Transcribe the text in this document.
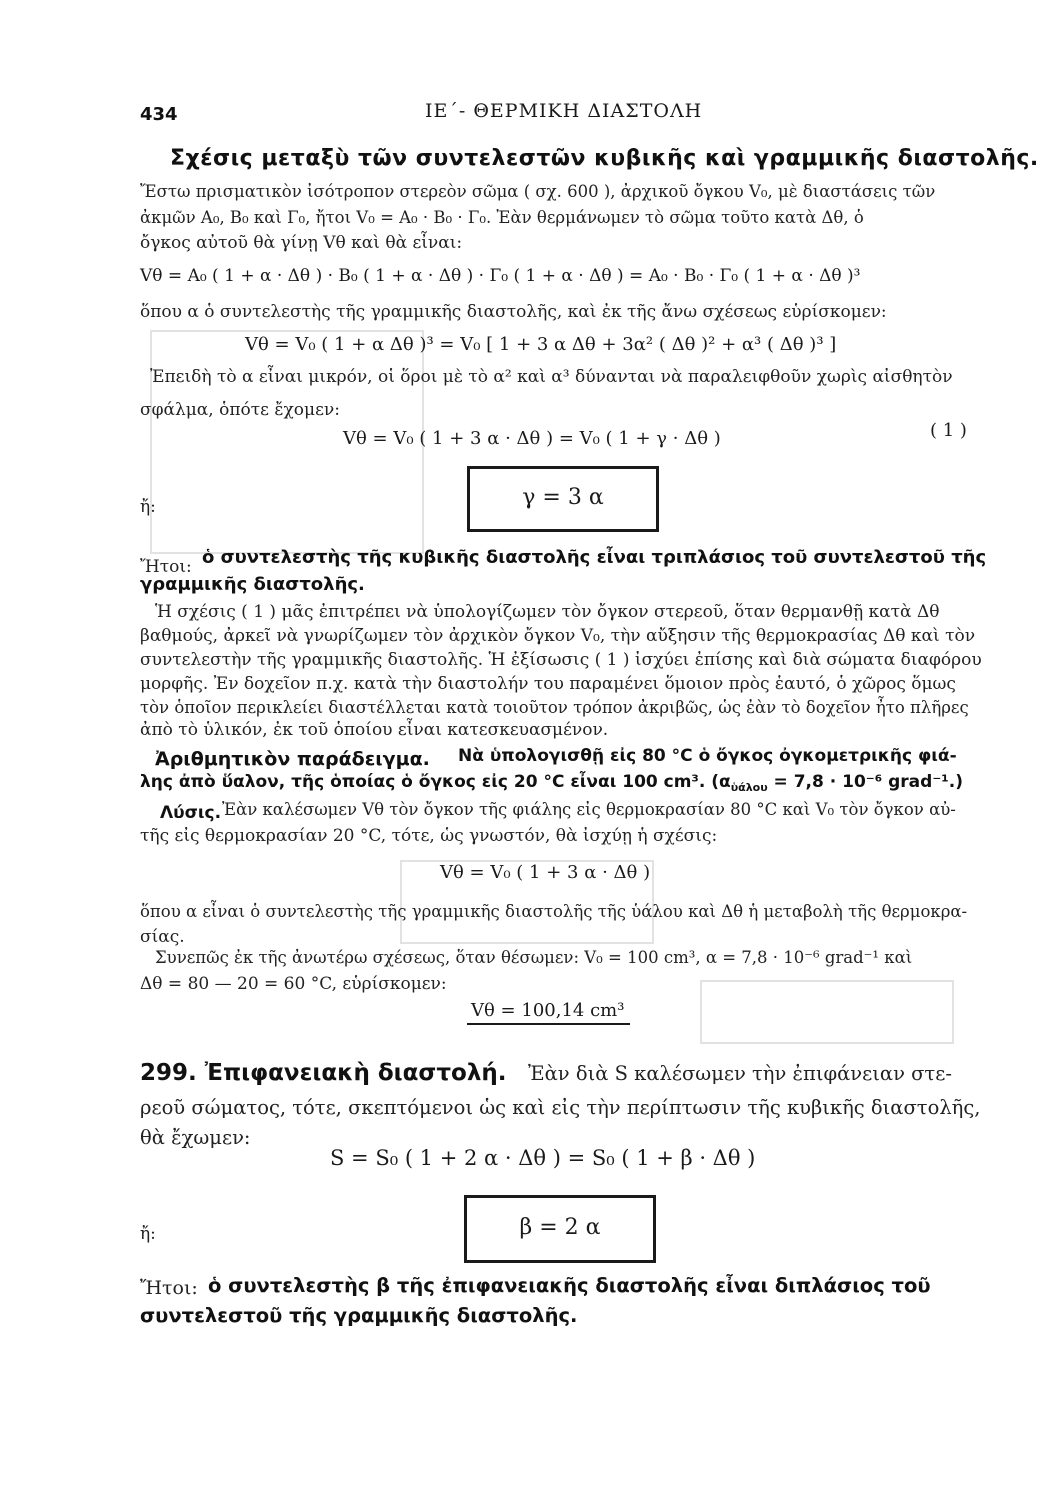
434	ΙΕ΄- ΘΕΡΜΙΚΗ ΔΙΑΣΤΟΛΗ
Σχέσις μεταξὺ τῶν συντελεστῶν κυβικῆς καὶ γραμμικῆς διαστολῆς.
Ἔστω πρισματικὸν ἰσότροπον στερεὸν σῶμα ( σχ. 600 ), ἀρχικοῦ ὄγκου V₀, μὲ διαστάσεις τῶν
ἀκμῶν A₀, B₀ καὶ Γ₀, ἤτοι V₀ = A₀ · B₀ · Γ₀. Ἐὰν θερμάνωμεν τὸ σῶμα τοῦτο κατὰ Δθ, ὁ
ὄγκος αὐτοῦ θὰ γίνῃ Vθ καὶ θὰ εἶναι:
Vθ = A₀ ( 1 + α · Δθ ) · B₀ ( 1 + α · Δθ ) · Γ₀ ( 1 + α · Δθ ) = A₀ · B₀ · Γ₀ ( 1 + α · Δθ )³
ὅπου α ὁ συντελεστὴς τῆς γραμμικῆς διαστολῆς, καὶ ἐκ τῆς ἄνω σχέσεως εὑρίσκομεν:
Vθ = V₀ ( 1 + α Δθ )³ = V₀ [ 1 + 3 α Δθ + 3α² ( Δθ )² + α³ ( Δθ )³ ]
Ἐπειδὴ τὸ α εἶναι μικρόν, οἱ ὅροι μὲ τὸ α² καὶ α³ δύνανται νὰ παραλειφθοῦν χωρὶς αἰσθητὸν
σφάλμα, ὁπότε ἔχομεν:
Vθ = V₀ ( 1 + 3 α · Δθ ) = V₀ ( 1 + γ · Δθ )	( 1 )
ἤ:	γ = 3 α
Ἤτοι: ὁ συντελεστὴς τῆς κυβικῆς διαστολῆς εἶναι τριπλάσιος τοῦ συντελεστοῦ τῆς
γραμμικῆς διαστολῆς.
Ἡ σχέσις ( 1 ) μᾶς ἐπιτρέπει νὰ ὑπολογίζωμεν τὸν ὄγκον στερεοῦ, ὅταν θερμανθῇ κατὰ Δθ
βαθμούς, ἀρκεῖ νὰ γνωρίζωμεν τὸν ἀρχικὸν ὄγκον V₀, τὴν αὔξησιν τῆς θερμοκρασίας Δθ καὶ τὸν
συντελεστὴν τῆς γραμμικῆς διαστολῆς. Ἡ ἐξίσωσις ( 1 ) ἰσχύει ἐπίσης καὶ διὰ σώματα διαφόρου
μορφῆς. Ἐν δοχεῖον π.χ. κατὰ τὴν διαστολήν του παραμένει ὅμοιον πρὸς ἑαυτό, ὁ χῶρος ὅμως
τὸν ὁποῖον περικλείει διαστέλλεται κατὰ τοιοῦτον τρόπον ἀκριβῶς, ὡς ἐὰν τὸ δοχεῖον ἦτο πλῆρες
ἀπὸ τὸ ὑλικόν, ἐκ τοῦ ὁποίου εἶναι κατεσκευασμένον.
Ἀριθμητικὸν παράδειγμα. Νὰ ὑπολογισθῇ εἰς 80 °C ὁ ὄγκος ὀγκομετρικῆς φιά-
λης ἀπὸ ὕαλον, τῆς ὁποίας ὁ ὄγκος εἰς 20 °C εἶναι 100 cm³. ($\alpha_{ὑά\lambda o\upsilon} = 7,8 \cdot 10^{-6}$ grad⁻¹.)
Λύσις. Ἐὰν καλέσωμεν Vθ τὸν ὄγκον τῆς φιάλης εἰς θερμοκρασίαν 80 °C καὶ V₀ τὸν ὄγκον αὐ-
τῆς εἰς θερμοκρασίαν 20 °C, τότε, ὡς γνωστόν, θὰ ἰσχύῃ ἡ σχέσις:
Vθ = V₀ ( 1 + 3 α · Δθ )
ὅπου α εἶναι ὁ συντελεστὴς τῆς γραμμικῆς διαστολῆς τῆς ὑάλου καὶ Δθ ἡ μεταβολὴ τῆς θερμοκρα-
σίας.
Συνεπῶς ἐκ τῆς ἀνωτέρω σχέσεως, ὅταν θέσωμεν: V₀ = 100 cm³, α = 7,8 · 10⁻⁶ grad⁻¹ καὶ
Δθ = 80 — 20 = 60 °C, εὑρίσκομεν:
Vθ = 100,14 cm³
299. Ἐπιφανειακὴ διαστολή. Ἐὰν διὰ S καλέσωμεν τὴν ἐπιφάνειαν στε-
ρεοῦ σώματος, τότε, σκεπτόμενοι ὡς καὶ εἰς τὴν περίπτωσιν τῆς κυβικῆς διαστολῆς,
θὰ ἔχωμεν:
S = S₀ ( 1 + 2 α · Δθ ) = S₀ ( 1 + β · Δθ )
ἤ:	β = 2 α
Ἤτοι: ὁ συντελεστὴς β τῆς ἐπιφανειακῆς διαστολῆς εἶναι διπλάσιος τοῦ
συντελεστοῦ τῆς γραμμικῆς διαστολῆς.
